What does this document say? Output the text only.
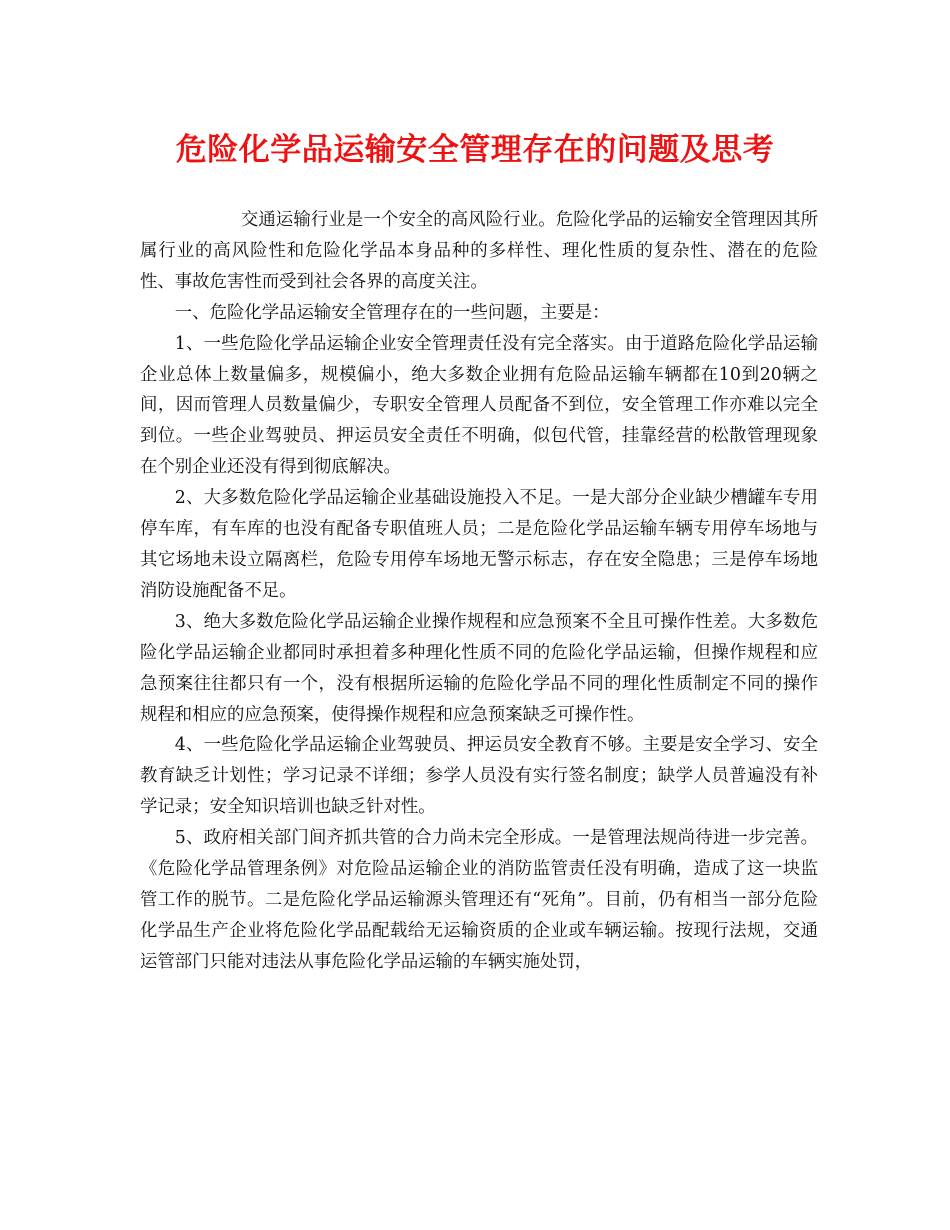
危险化学品运输安全管理存在的问题及思考

交通运输行业是一个安全的高风险行业。危险化学品的运输安全管理因其所属行业的高风险性和危险化学品本身品种的多样性、理化性质的复杂性、潜在的危险性、事故危害性而受到社会各界的高度关注。

一、危险化学品运输安全管理存在的一些问题，主要是：

1、一些危险化学品运输企业安全管理责任没有完全落实。由于道路危险化学品运输企业总体上数量偏多，规模偏小，绝大多数企业拥有危险品运输车辆都在10到20辆之间，因而管理人员数量偏少，专职安全管理人员配备不到位，安全管理工作亦难以完全到位。一些企业驾驶员、押运员安全责任不明确，似包代管，挂靠经营的松散管理现象在个别企业还没有得到彻底解决。

2、大多数危险化学品运输企业基础设施投入不足。一是大部分企业缺少槽罐车专用停车库，有车库的也没有配备专职值班人员；二是危险化学品运输车辆专用停车场地与其它场地未设立隔离栏，危险专用停车场地无警示标志，存在安全隐患；三是停车场地消防设施配备不足。

3、绝大多数危险化学品运输企业操作规程和应急预案不全且可操作性差。大多数危险化学品运输企业都同时承担着多种理化性质不同的危险化学品运输，但操作规程和应急预案往往都只有一个，没有根据所运输的危险化学品不同的理化性质制定不同的操作规程和相应的应急预案，使得操作规程和应急预案缺乏可操作性。

4、一些危险化学品运输企业驾驶员、押运员安全教育不够。主要是安全学习、安全教育缺乏计划性；学习记录不详细；参学人员没有实行签名制度；缺学人员普遍没有补学记录；安全知识培训也缺乏针对性。

5、政府相关部门间齐抓共管的合力尚未完全形成。一是管理法规尚待进一步完善。《危险化学品管理条例》对危险品运输企业的消防监管责任没有明确，造成了这一块监管工作的脱节。二是危险化学品运输源头管理还有“死角”。目前，仍有相当一部分危险化学品生产企业将危险化学品配载给无运输资质的企业或车辆运输。按现行法规，交通运管部门只能对违法从事危险化学品运输的车辆实施处罚，
